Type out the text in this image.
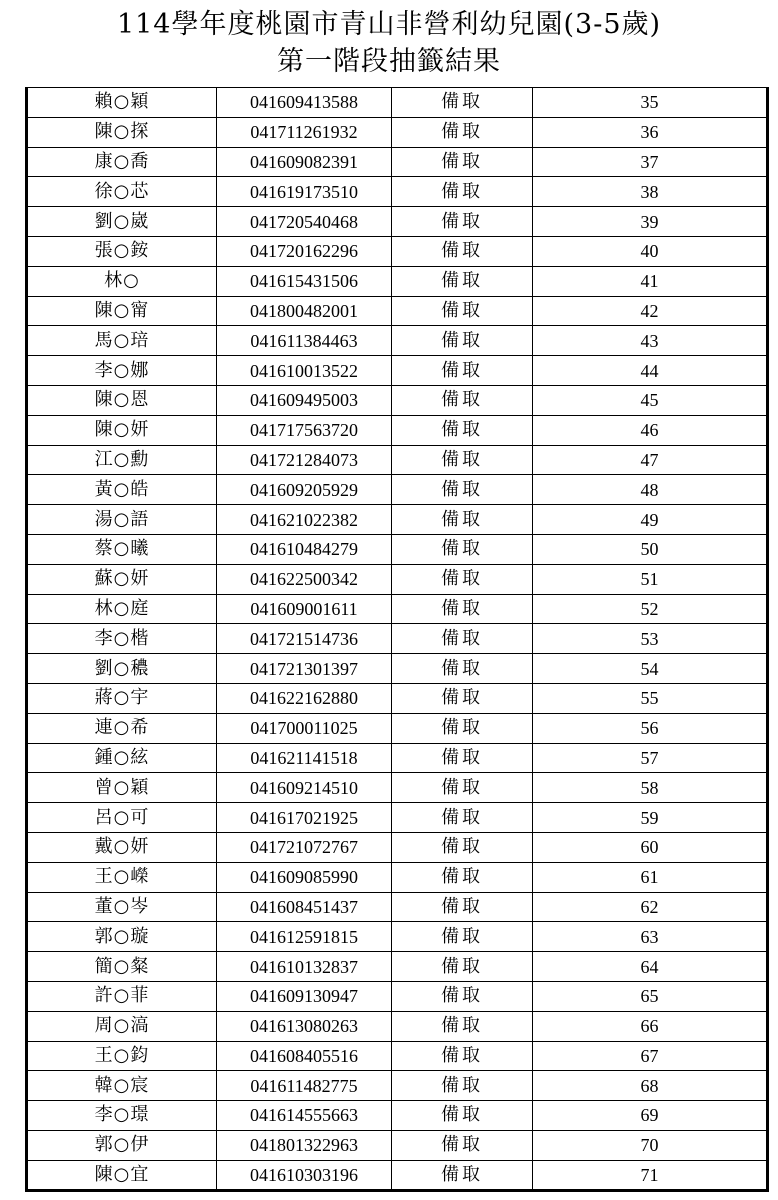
114學年度桃園市青山非營利幼兒園(3-5歲)
第一階段抽籤結果
賴○穎	041609413588	備取	35
陳○探	041711261932	備取	36
康○喬	041609082391	備取	37
徐○芯	041619173510	備取	38
劉○崴	041720540468	備取	39
張○銨	041720162296	備取	40
林○	041615431506	備取	41
陳○甯	041800482001	備取	42
馬○琣	041611384463	備取	43
李○娜	041610013522	備取	44
陳○恩	041609495003	備取	45
陳○妍	041717563720	備取	46
江○勳	041721284073	備取	47
黃○皓	041609205929	備取	48
湯○語	041621022382	備取	49
蔡○曦	041610484279	備取	50
蘇○妍	041622500342	備取	51
林○庭	041609001611	備取	52
李○楷	041721514736	備取	53
劉○穠	041721301397	備取	54
蔣○宇	041622162880	備取	55
連○希	041700011025	備取	56
鍾○絃	041621141518	備取	57
曾○穎	041609214510	備取	58
呂○可	041617021925	備取	59
戴○妍	041721072767	備取	60
王○嶸	041609085990	備取	61
董○岑	041608451437	備取	62
郭○璇	041612591815	備取	63
簡○粲	041610132837	備取	64
許○菲	041609130947	備取	65
周○滈	041613080263	備取	66
王○鈞	041608405516	備取	67
韓○宸	041611482775	備取	68
李○璟	041614555663	備取	69
郭○伊	041801322963	備取	70
陳○宜	041610303196	備取	71
